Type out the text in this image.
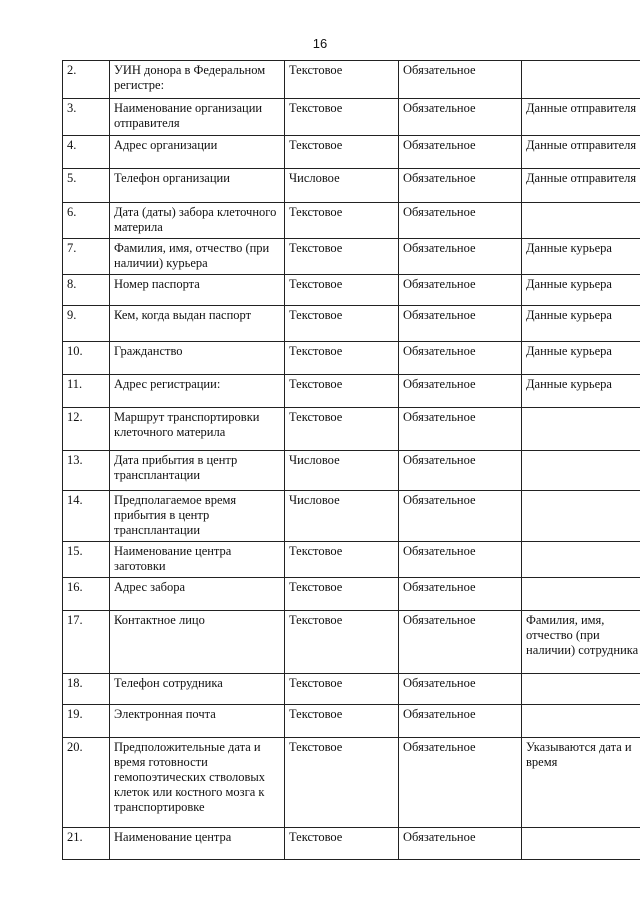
16
2.	УИН донора в Федеральном регистре:	Текстовое	Обязательное	
3.	Наименование организации отправителя	Текстовое	Обязательное	Данные отправителя
4.	Адрес организации	Текстовое	Обязательное	Данные отправителя
5.	Телефон организации	Числовое	Обязательное	Данные отправителя
6.	Дата (даты) забора клеточного материла	Текстовое	Обязательное	
7.	Фамилия, имя, отчество (при наличии) курьера	Текстовое	Обязательное	Данные курьера
8.	Номер паспорта	Текстовое	Обязательное	Данные курьера
9.	Кем, когда выдан паспорт	Текстовое	Обязательное	Данные курьера
10.	Гражданство	Текстовое	Обязательное	Данные курьера
11.	Адрес регистрации:	Текстовое	Обязательное	Данные курьера
12.	Маршрут транспортировки клеточного материла	Текстовое	Обязательное	
13.	Дата прибытия в центр трансплантации	Числовое	Обязательное	
14.	Предполагаемое время прибытия в центр трансплантации	Числовое	Обязательное	
15.	Наименование центра заготовки	Текстовое	Обязательное	
16.	Адрес забора	Текстовое	Обязательное	
17.	Контактное лицо	Текстовое	Обязательное	Фамилия, имя, отчество (при наличии) сотрудника
18.	Телефон сотрудника	Текстовое	Обязательное	
19.	Электронная почта	Текстовое	Обязательное	
20.	Предположительные дата и время готовности гемопоэтических стволовых клеток или костного мозга к транспортировке	Текстовое	Обязательное	Указываются дата и время
21.	Наименование центра	Текстовое	Обязательное	
